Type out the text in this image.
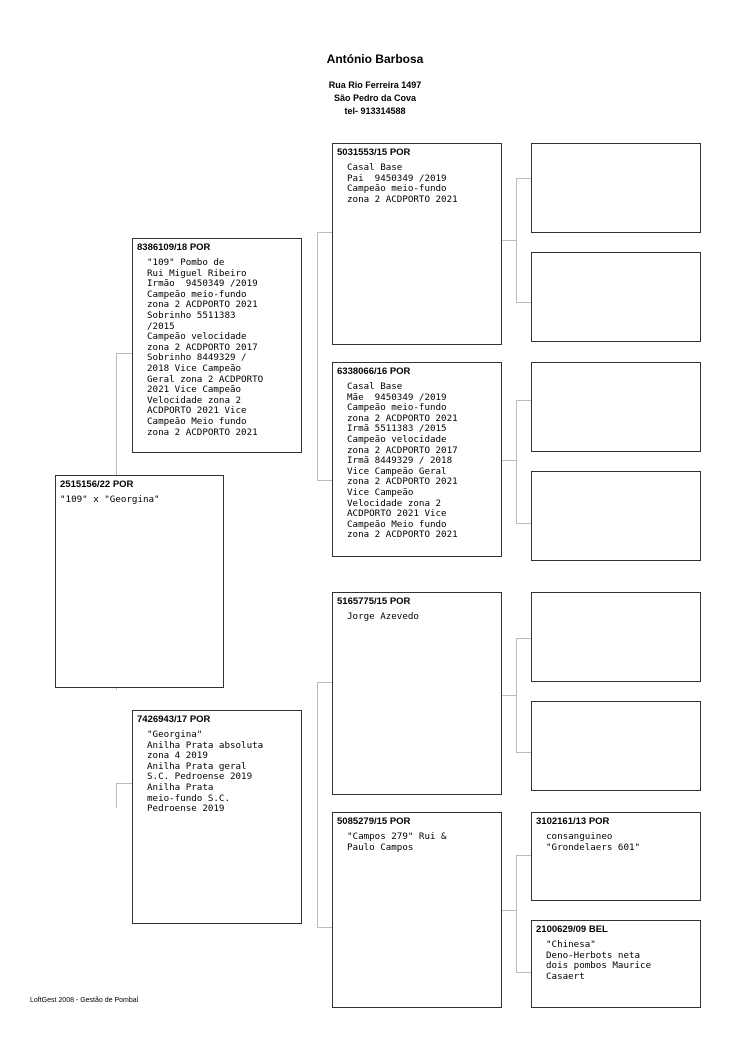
António Barbosa
Rua Rio Ferreira 1497
São Pedro da Cova
tel- 913314588
2515156/22 POR
"109" x "Georgina"
8386109/18 POR
"109" Pombo de
Rui Miguel Ribeiro
Irmão  9450349 /2019
Campeão meio-fundo
zona 2 ACDPORTO 2021
Sobrinho 5511383
/2015
Campeão velocidade
zona 2 ACDPORTO 2017
Sobrinho 8449329 /
2018 Vice Campeão
Geral zona 2 ACDPORTO
2021 Vice Campeão
Velocidade zona 2
ACDPORTO 2021 Vice
Campeão Meio fundo
zona 2 ACDPORTO 2021
7426943/17 POR
"Georgina"
Anilha Prata absoluta
zona 4 2019
Anilha Prata geral
S.C. Pedroense 2019
Anilha Prata
meio-fundo S.C.
Pedroense 2019
5031553/15 POR
Casal Base
Pai  9450349 /2019
Campeão meio-fundo
zona 2 ACDPORTO 2021
6338066/16 POR
Casal Base
Mãe  9450349 /2019
Campeão meio-fundo
zona 2 ACDPORTO 2021
Irmã 5511383 /2015
Campeão velocidade
zona 2 ACDPORTO 2017
Irmã 8449329 / 2018
Vice Campeão Geral
zona 2 ACDPORTO 2021
Vice Campeão
Velocidade zona 2
ACDPORTO 2021 Vice
Campeão Meio fundo
zona 2 ACDPORTO 2021
5165775/15 POR
Jorge Azevedo
5085279/15 POR
"Campos 279" Rui &
Paulo Campos
3102161/13 POR
consanguineo
"Grondelaers 601"
2100629/09 BEL
"Chinesa"
Deno-Herbots neta
dois pombos Maurice
Casaert
LoftGest 2008 - Gestão de Pombal
